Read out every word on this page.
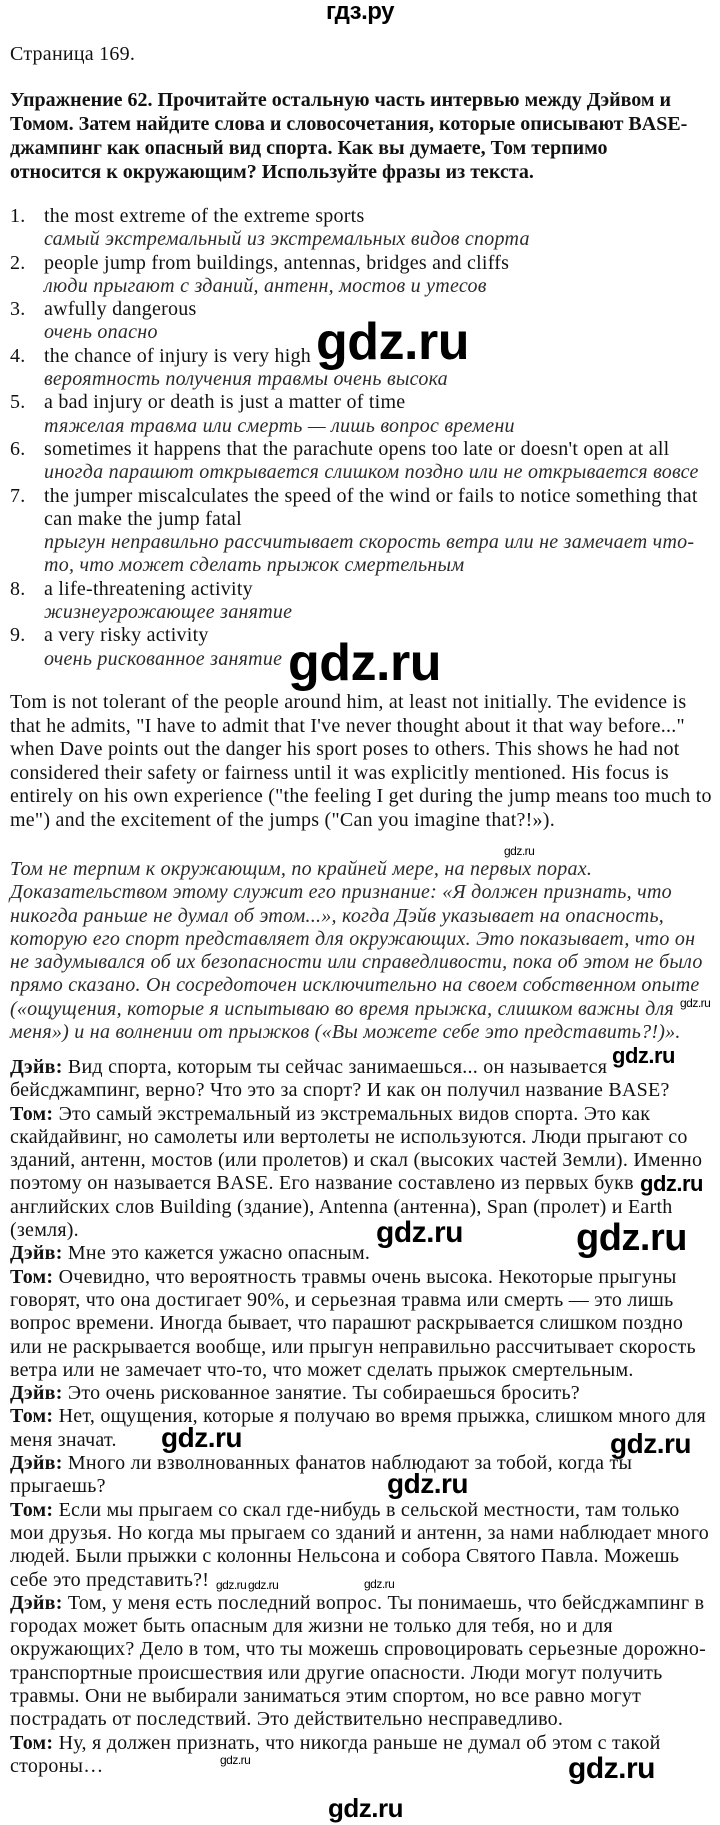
гдз.ру
Страница 169.
Упражнение 62. Прочитайте остальную часть интервью между Дэйвом и
Томом. Затем найдите слова и словосочетания, которые описывают BASE-
джампинг как опасный вид спорта. Как вы думаете, Том терпимо
относится к окружающим? Используйте фразы из текста.
1. the most extreme of the extreme sports
самый экстремальный из экстремальных видов спорта
2. people jump from buildings, antennas, bridges and cliffs
люди прыгают с зданий, антенн, мостов и утесов
3. awfully dangerous
очень опасно
4. the chance of injury is very high
вероятность получения травмы очень высока
5. a bad injury or death is just a matter of time
тяжелая травма или смерть — лишь вопрос времени
6. sometimes it happens that the parachute opens too late or doesn't open at all
иногда парашют открывается слишком поздно или не открывается вовсе
7. the jumper miscalculates the speed of the wind or fails to notice something that
can make the jump fatal
прыгун неправильно рассчитывает скорость ветра или не замечает что-
то, что может сделать прыжок смертельным
8. a life-threatening activity
жизнеугрожающее занятие
9. a very risky activity
очень рискованное занятие
Tom is not tolerant of the people around him, at least not initially. The evidence is
that he admits, "I have to admit that I've never thought about it that way before..."
when Dave points out the danger his sport poses to others. This shows he had not
considered their safety or fairness until it was explicitly mentioned. His focus is
entirely on his own experience ("the feeling I get during the jump means too much to
me") and the excitement of the jumps ("Can you imagine that?!»).
Том не терпим к окружающим, по крайней мере, на первых порах.
Доказательством этому служит его признание: «Я должен признать, что
никогда раньше не думал об этом...», когда Дэйв указывает на опасность,
которую его спорт представляет для окружающих. Это показывает, что он
не задумывался об их безопасности или справедливости, пока об этом не было
прямо сказано. Он сосредоточен исключительно на своем собственном опыте
(«ощущения, которые я испытываю во время прыжка, слишком важны для
меня») и на волнении от прыжков («Вы можете себе это представить?!)».
Дэйв: Вид спорта, которым ты сейчас занимаешься... он называется
бейсджампинг, верно? Что это за спорт? И как он получил название BASE?
Том: Это самый экстремальный из экстремальных видов спорта. Это как
скайдайвинг, но самолеты или вертолеты не используются. Люди прыгают со
зданий, антенн, мостов (или пролетов) и скал (высоких частей Земли). Именно
поэтому он называется BASE. Его название составлено из первых букв
английских слов Building (здание), Antenna (антенна), Span (пролет) и Earth
(земля).
Дэйв: Мне это кажется ужасно опасным.
Том: Очевидно, что вероятность травмы очень высока. Некоторые прыгуны
говорят, что она достигает 90%, и серьезная травма или смерть — это лишь
вопрос времени. Иногда бывает, что парашют раскрывается слишком поздно
или не раскрывается вообще, или прыгун неправильно рассчитывает скорость
ветра или не замечает что-то, что может сделать прыжок смертельным.
Дэйв: Это очень рискованное занятие. Ты собираешься бросить?
Том: Нет, ощущения, которые я получаю во время прыжка, слишком много для
меня значат.
Дэйв: Много ли взволнованных фанатов наблюдают за тобой, когда ты
прыгаешь?
Том: Если мы прыгаем со скал где-нибудь в сельской местности, там только
мои друзья. Но когда мы прыгаем со зданий и антенн, за нами наблюдает много
людей. Были прыжки с колонны Нельсона и собора Святого Павла. Можешь
себе это представить?!
Дэйв: Том, у меня есть последний вопрос. Ты понимаешь, что бейсджампинг в
городах может быть опасным для жизни не только для тебя, но и для
окружающих? Дело в том, что ты можешь спровоцировать серьезные дорожно-
транспортные происшествия или другие опасности. Люди могут получить
травмы. Они не выбирали заниматься этим спортом, но все равно могут
пострадать от последствий. Это действительно несправедливо.
Том: Ну, я должен признать, что никогда раньше не думал об этом с такой
стороны…
gdz.ru
gdz.ru
gdz.ru
gdz.ru
gdz.ru
gdz.ru
gdz.ru	gdz.ru
gdz.ru	gdz.ru
gdz.ru
gdz.ru gdz.ru	gdz.ru
gdz.ru	gdz.ru
gdz.ru
